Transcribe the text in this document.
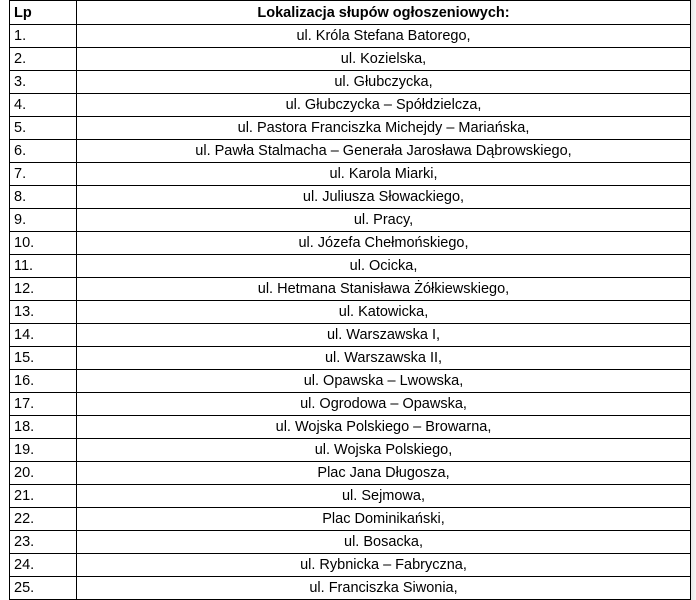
Lp	Lokalizacja słupów ogłoszeniowych:
1.	ul. Króla Stefana Batorego,
2.	ul. Kozielska,
3.	ul. Głubczycka,
4.	ul. Głubczycka – Spółdzielcza,
5.	ul. Pastora Franciszka Michejdy – Mariańska,
6.	ul. Pawła Stalmacha – Generała Jarosława Dąbrowskiego,
7.	ul. Karola Miarki,
8.	ul. Juliusza Słowackiego,
9.	ul. Pracy,
10.	ul. Józefa Chełmońskiego,
11.	ul. Ocicka,
12.	ul. Hetmana Stanisława Żółkiewskiego,
13.	ul. Katowicka,
14.	ul. Warszawska I,
15.	ul. Warszawska II,
16.	ul. Opawska – Lwowska,
17.	ul. Ogrodowa – Opawska,
18.	ul. Wojska Polskiego – Browarna,
19.	ul. Wojska Polskiego,
20.	Plac Jana Długosza,
21.	ul. Sejmowa,
22.	Plac Dominikański,
23.	ul. Bosacka,
24.	ul. Rybnicka – Fabryczna,
25.	ul. Franciszka Siwonia,
